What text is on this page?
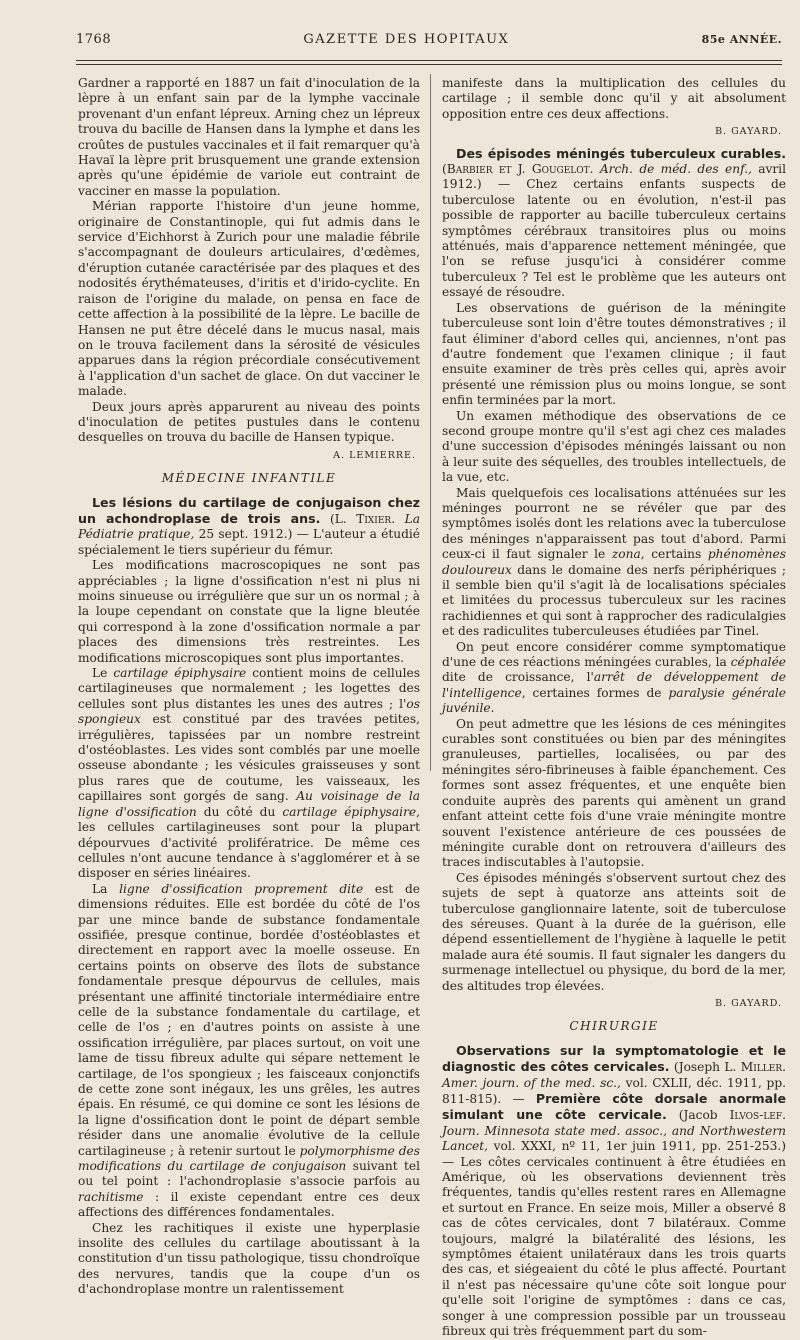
1768	GAZETTE DES HOPITAUX	85e ANNÉE.

Gardner a rapporté en 1887 un fait d'inoculation de la lèpre à un enfant sain par de la lymphe vaccinale provenant d'un enfant lépreux. Arning chez un lépreux trouva du bacille de Hansen dans la lymphe et dans les croûtes de pustules vaccinales et il fait remarquer qu'à Havaï la lèpre prit brusquement une grande extension après qu'une épidémie de variole eut contraint de vacciner en masse la population.

Mérian rapporte l'histoire d'un jeune homme, originaire de Constantinople, qui fut admis dans le service d'Eichhorst à Zurich pour une maladie fébrile s'accompagnant de douleurs articulaires, d'œdèmes, d'éruption cutanée caractérisée par des plaques et des nodosités érythémateuses, d'iritis et d'irido-cyclite. En raison de l'origine du malade, on pensa en face de cette affection à la possibilité de la lèpre. Le bacille de Hansen ne put être décelé dans le mucus nasal, mais on le trouva facilement dans la sérosité de vésicules apparues dans la région précordiale consécutivement à l'application d'un sachet de glace. On dut vacciner le malade.

Deux jours après apparurent au niveau des points d'inoculation de petites pustules dans le contenu desquelles on trouva du bacille de Hansen typique.

A. LEMIERRE.
MÉDECINE INFANTILE

Les lésions du cartilage de conjugaison chez un achondroplase de trois ans. (L. Tixier. La Pédiatrie pratique, 25 sept. 1912.) — L'auteur a étudié spécialement le tiers supérieur du fémur.

Les modifications macroscopiques ne sont pas appréciables ; la ligne d'ossification n'est ni plus ni moins sinueuse ou irrégulière que sur un os normal ; à la loupe cependant on constate que la ligne bleutée qui correspond à la zone d'ossification normale a par places des dimensions très restreintes. Les modifications microscopiques sont plus importantes.

Le cartilage épiphysaire contient moins de cellules cartilagineuses que normalement ; les logettes des cellules sont plus distantes les unes des autres ; l'os spongieux est constitué par des travées petites, irrégulières, tapissées par un nombre restreint d'ostéoblastes. Les vides sont comblés par une moelle osseuse abondante ; les vésicules graisseuses y sont plus rares que de coutume, les vaisseaux, les capillaires sont gorgés de sang. Au voisinage de la ligne d'ossification du côté du cartilage épiphysaire, les cellules cartilagineuses sont pour la plupart dépourvues d'activité prolifératrice. De même ces cellules n'ont aucune tendance à s'agglomérer et à se disposer en séries linéaires.

La ligne d'ossification proprement dite est de dimensions réduites. Elle est bordée du côté de l'os par une mince bande de substance fondamentale ossifiée, presque continue, bordée d'ostéoblastes et directement en rapport avec la moelle osseuse. En certains points on observe des îlots de substance fondamentale presque dépourvus de cellules, mais présentant une affinité tinctoriale intermédiaire entre celle de la substance fondamentale du cartilage, et celle de l'os ; en d'autres points on assiste à une ossification irrégulière, par places surtout, on voit une lame de tissu fibreux adulte qui sépare nettement le cartilage, de l'os spongieux ; les faisceaux conjonctifs de cette zone sont inégaux, les uns grêles, les autres épais. En résumé, ce qui domine ce sont les lésions de la ligne d'ossification dont le point de départ semble résider dans une anomalie évolutive de la cellule cartilagineuse ; à retenir surtout le polymorphisme des modifications du cartilage de conjugaison suivant tel ou tel point : l'achondroplasie s'associe parfois au rachitisme : il existe cependant entre ces deux affections des différences fondamentales.

Chez les rachitiques il existe une hyperplasie insolite des cellules du cartilage aboutissant à la constitution d'un tissu pathologique, tissu chondroïque des nervures, tandis que la coupe d'un os d'achondroplase montre un ralentissement

manifeste dans la multiplication des cellules du cartilage ; il semble donc qu'il y ait absolument opposition entre ces deux affections.

B. GAYARD.

Des épisodes méningés tuberculeux curables. (Barbier et J. Gougelot. Arch. de méd. des enf., avril 1912.) — Chez certains enfants suspects de tuberculose latente ou en évolution, n'est-il pas possible de rapporter au bacille tuberculeux certains symptômes cérébraux transitoires plus ou moins atténués, mais d'apparence nettement méningée, que l'on se refuse jusqu'ici à considérer comme tuberculeux ? Tel est le problème que les auteurs ont essayé de résoudre.

Les observations de guérison de la méningite tuberculeuse sont loin d'être toutes démonstratives ; il faut éliminer d'abord celles qui, anciennes, n'ont pas d'autre fondement que l'examen clinique ; il faut ensuite examiner de très près celles qui, après avoir présenté une rémission plus ou moins longue, se sont enfin terminées par la mort.

Un examen méthodique des observations de ce second groupe montre qu'il s'est agi chez ces malades d'une succession d'épisodes méningés laissant ou non à leur suite des séquelles, des troubles intellectuels, de la vue, etc.

Mais quelquefois ces localisations atténuées sur les méninges pourront ne se révéler que par des symptômes isolés dont les relations avec la tuberculose des méninges n'apparaissent pas tout d'abord. Parmi ceux-ci il faut signaler le zona, certains phénomènes douloureux dans le domaine des nerfs périphériques ; il semble bien qu'il s'agit là de localisations spéciales et limitées du processus tuberculeux sur les racines rachidiennes et qui sont à rapprocher des radiculalgies et des radiculites tuberculeuses étudiées par Tinel.

On peut encore considérer comme symptomatique d'une de ces réactions méningées curables, la céphalée dite de croissance, l'arrêt de développement de l'intelligence, certaines formes de paralysie générale juvénile.

On peut admettre que les lésions de ces méningites curables sont constituées ou bien par des méningites granuleuses, partielles, localisées, ou par des méningites séro-fibrineuses à faible épanchement. Ces formes sont assez fréquentes, et une enquête bien conduite auprès des parents qui amènent un grand enfant atteint cette fois d'une vraie méningite montre souvent l'existence antérieure de ces poussées de méningite curable dont on retrouvera d'ailleurs des traces indiscutables à l'autopsie.

Ces épisodes méningés s'observent surtout chez des sujets de sept à quatorze ans atteints soit de tuberculose ganglionnaire latente, soit de tuberculose des séreuses. Quant à la durée de la guérison, elle dépend essentiellement de l'hygiène à laquelle le petit malade aura été soumis. Il faut signaler les dangers du surmenage intellectuel ou physique, du bord de la mer, des altitudes trop élevées.

B. GAYARD.
CHIRURGIE

Observations sur la symptomatologie et le diagnostic des côtes cervicales. (Joseph L. Miller. Amer. journ. of the med. sc., vol. CXLII, déc. 1911, pp. 811-815). — Première côte dorsale anormale simulant une côte cervicale. (Jacob Ilvos-lef. Journ. Minnesota state med. assoc., and Northwestern Lancet, vol. XXXI, nº 11, 1er juin 1911, pp. 251-253.) — Les côtes cervicales continuent à être étudiées en Amérique, où les observations deviennent très fréquentes, tandis qu'elles restent rares en Allemagne et surtout en France. En seize mois, Miller a observé 8 cas de côtes cervicales, dont 7 bilatéraux. Comme toujours, malgré la bilatéralité des lésions, les symptômes étaient unilatéraux dans les trois quarts des cas, et siégeaient du côté le plus affecté. Pourtant il n'est pas nécessaire qu'une côte soit longue pour qu'elle soit l'origine de symptômes : dans ce cas, songer à une compression possible par un trousseau fibreux qui très fréquemment part du som-
